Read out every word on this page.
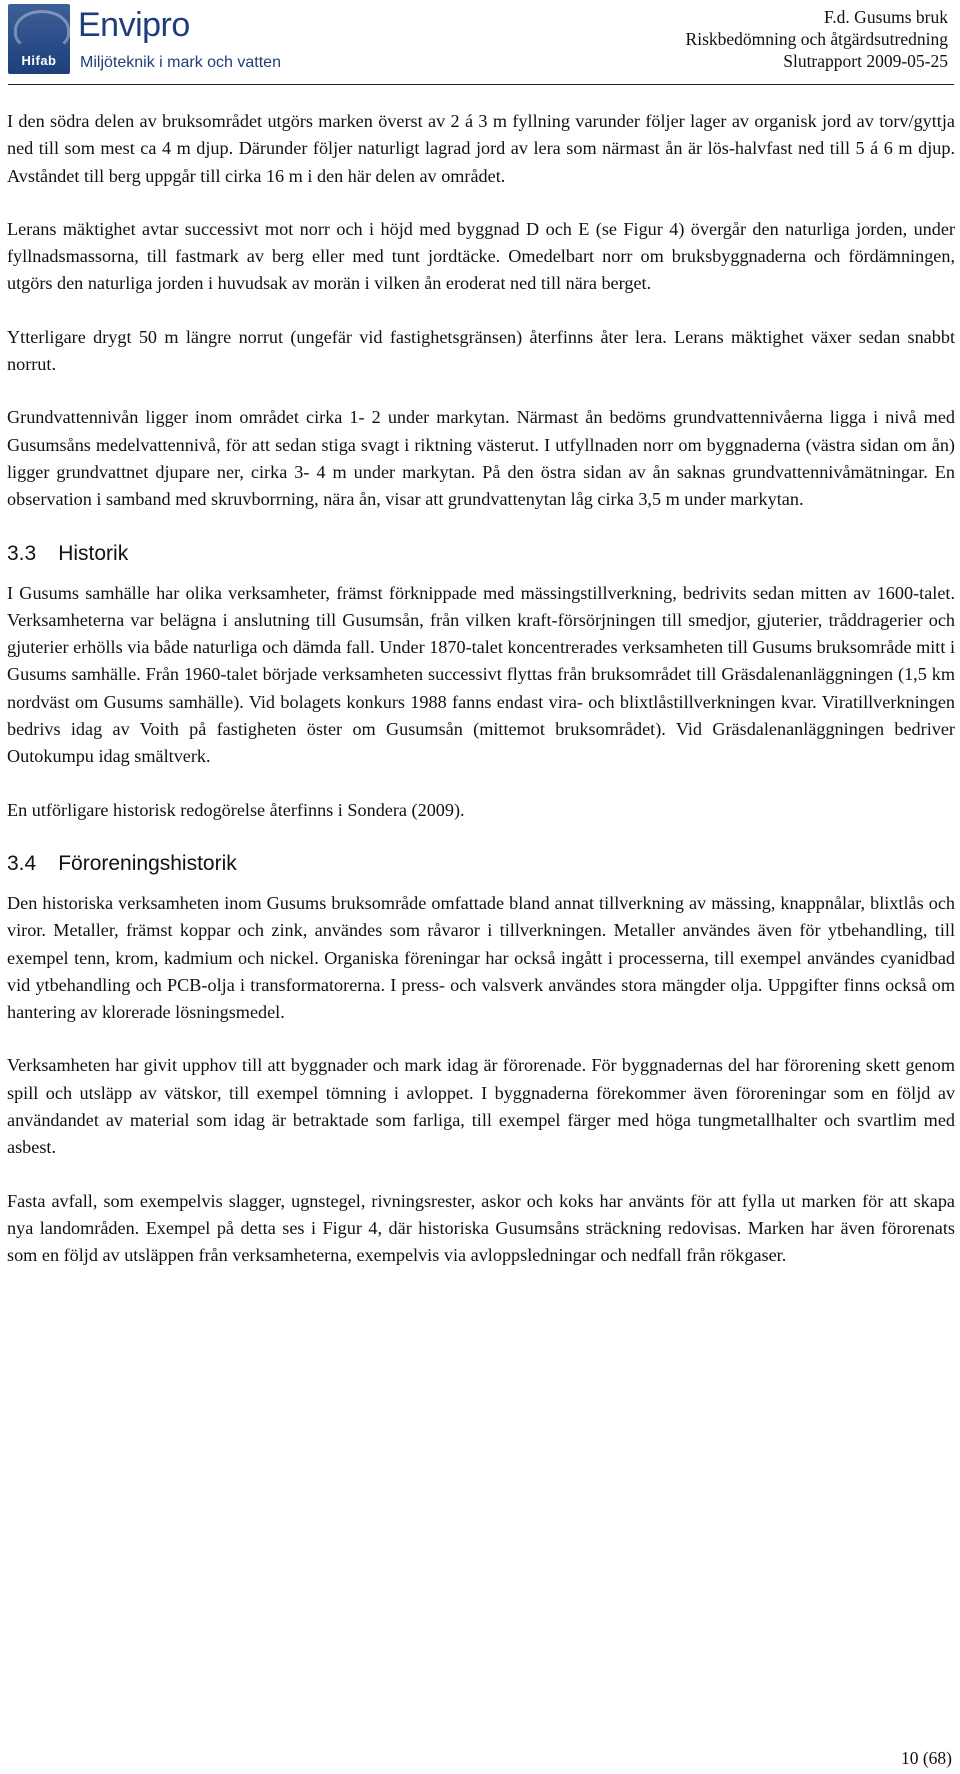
Hifab
Envipro
Miljöteknik i mark och vatten
F.d. Gusums bruk
Riskbedömning och åtgärdsutredning
Slutrapport 2009-05-25

I den södra delen av bruksområdet utgörs marken överst av 2 á 3 m fyllning varunder följer lager av organisk jord av torv/gyttja ned till som mest ca 4 m djup. Därunder följer naturligt lagrad jord av lera som närmast ån är lös-halvfast ned till 5 á 6 m djup. Avståndet till berg uppgår till cirka 16 m i den här delen av området.

Lerans mäktighet avtar successivt mot norr och i höjd med byggnad D och E (se Figur 4) övergår den naturliga jorden, under fyllnadsmassorna, till fastmark av berg eller med tunt jordtäcke. Omedelbart norr om bruksbyggnaderna och fördämningen, utgörs den naturliga jorden i huvudsak av morän i vilken ån eroderat ned till nära berget.

Ytterligare drygt 50 m längre norrut (ungefär vid fastighetsgränsen) återfinns åter lera. Lerans mäktighet växer sedan snabbt norrut.

Grundvattennivån ligger inom området cirka 1- 2 under markytan. Närmast ån bedöms grundvattennivåerna ligga i nivå med Gusumsåns medelvattennivå, för att sedan stiga svagt i riktning västerut. I utfyllnaden norr om byggnaderna (västra sidan om ån) ligger grundvattnet djupare ner, cirka 3- 4 m under markytan. På den östra sidan av ån saknas grundvattennivåmätningar. En observation i samband med skruvborrning, nära ån, visar att grundvattenytan låg cirka 3,5 m under markytan.

3.3 Historik

I Gusums samhälle har olika verksamheter, främst förknippade med mässingstillverkning, bedrivits sedan mitten av 1600-talet. Verksamheterna var belägna i anslutning till Gusumsån, från vilken kraft-försörjningen till smedjor, gjuterier, tråddragerier och gjuterier erhölls via både naturliga och dämda fall. Under 1870-talet koncentrerades verksamheten till Gusums bruksområde mitt i Gusums samhälle. Från 1960-talet började verksamheten successivt flyttas från bruksområdet till Gräsdalenanläggningen (1,5 km nordväst om Gusums samhälle). Vid bolagets konkurs 1988 fanns endast vira- och blixtlåstillverkningen kvar. Viratillverkningen bedrivs idag av Voith på fastigheten öster om Gusumsån (mittemot bruksområdet). Vid Gräsdalenanläggningen bedriver Outokumpu idag smältverk.

En utförligare historisk redogörelse återfinns i Sondera (2009).

3.4 Föroreningshistorik

Den historiska verksamheten inom Gusums bruksområde omfattade bland annat tillverkning av mässing, knappnålar, blixtlås och viror. Metaller, främst koppar och zink, användes som råvaror i tillverkningen. Metaller användes även för ytbehandling, till exempel tenn, krom, kadmium och nickel. Organiska föreningar har också ingått i processerna, till exempel användes cyanidbad vid ytbehandling och PCB-olja i transformatorerna. I press- och valsverk användes stora mängder olja. Uppgifter finns också om hantering av klorerade lösningsmedel.

Verksamheten har givit upphov till att byggnader och mark idag är förorenade. För byggnadernas del har förorening skett genom spill och utsläpp av vätskor, till exempel tömning i avloppet. I byggnaderna förekommer även föroreningar som en följd av användandet av material som idag är betraktade som farliga, till exempel färger med höga tungmetallhalter och svartlim med asbest.

Fasta avfall, som exempelvis slagger, ugnstegel, rivningsrester, askor och koks har använts för att fylla ut marken för att skapa nya landområden. Exempel på detta ses i Figur 4, där historiska Gusumsåns sträckning redovisas. Marken har även förorenats som en följd av utsläppen från verksamheterna, exempelvis via avloppsledningar och nedfall från rökgaser.

10 (68)
